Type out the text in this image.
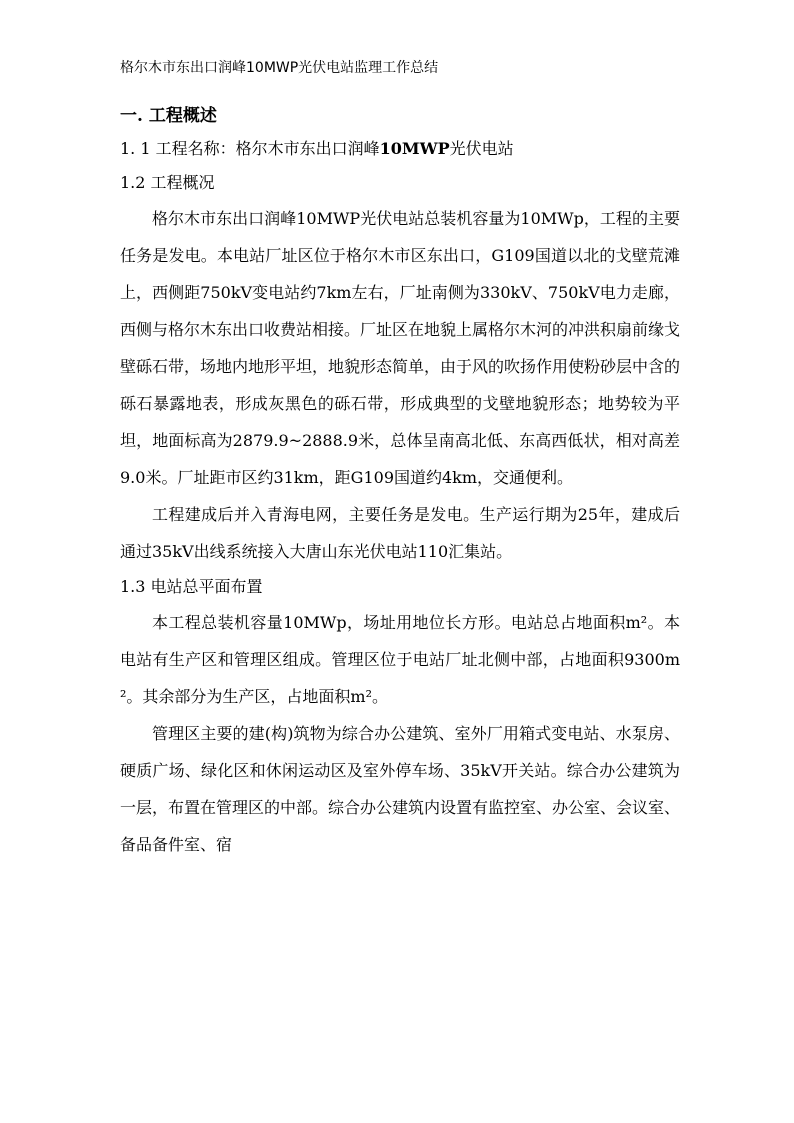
格尔木市东出口润峰10MWP光伏电站监理工作总结

一. 工程概述

1. 1 工程名称：格尔木市东出口润峰10MWP光伏电站

1.2 工程概况

格尔木市东出口润峰10MWP光伏电站总装机容量为10MWp，工程的主要任务是发电。本电站厂址区位于格尔木市区东出口，G109国道以北的戈壁荒滩上，西侧距750kV变电站约7km左右，厂址南侧为330kV、750kV电力走廊，西侧与格尔木东出口收费站相接。厂址区在地貌上属格尔木河的冲洪积扇前缘戈壁砾石带，场地内地形平坦，地貌形态简单，由于风的吹扬作用使粉砂层中含的砾石暴露地表，形成灰黑色的砾石带，形成典型的戈壁地貌形态；地势较为平坦，地面标高为2879.9~2888.9米，总体呈南高北低、东高西低状，相对高差9.0米。厂址距市区约31km，距G109国道约4km，交通便利。

工程建成后并入青海电网，主要任务是发电。生产运行期为25年，建成后通过35kV出线系统接入大唐山东光伏电站110汇集站。

1.3 电站总平面布置

本工程总装机容量10MWp，场址用地位长方形。电站总占地面积m²。本电站有生产区和管理区组成。管理区位于电站厂址北侧中部，占地面积9300m²。其余部分为生产区，占地面积m²。

管理区主要的建(构)筑物为综合办公建筑、室外厂用箱式变电站、水泵房、硬质广场、绿化区和休闲运动区及室外停车场、35kV开关站。综合办公建筑为一层，布置在管理区的中部。综合办公建筑内设置有监控室、办公室、会议室、备品备件室、宿
